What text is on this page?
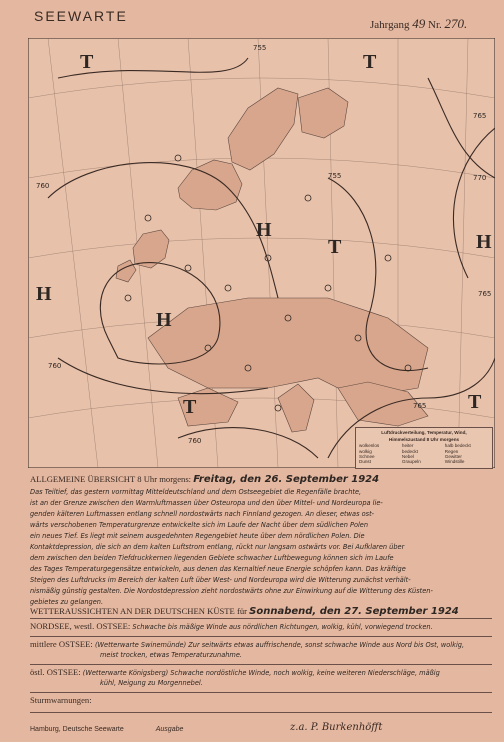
SEEWARTE
Jahrgang 49 Nr. 270.
755
760
765
770
765
760
765
760
755
H
H
H
H
T
T
T
T	T
Luftdruckverteilung, Temperatur, Wind,
Himmelszustand 8 Uhr morgens
wolkenlos	heiter	halb bedeckt
wolkig	bedeckt	Regen
Schnee	Nebel	Gewitter
Dunst	Graupeln	Windstille
ALLGEMEINE ÜBERSICHT 8 Uhr morgens: Freitag, den 26. September 1924
Das Teiltief, das gestern vormittag Mitteldeutschland und dem Ostseegebiet die Regenfälle brachte,
ist an der Grenze zwischen den Warmluftmassen über Osteuropa und den über Mittel- und Nordeuropa lie-
genden kälteren Luftmassen entlang schnell nordostwärts nach Finnland gezogen. An dieser, etwas ost-
wärts verschobenen Temperaturgrenze entwickelte sich im Laufe der Nacht über dem südlichen Polen
ein neues Tief. Es liegt mit seinem ausgedehnten Regengebiet heute über dem nördlichen Polen. Die
Kontaktdepression, die sich an dem kalten Luftstrom entlang, rückt nur langsam ostwärts vor. Bei Aufklaren über
dem zwischen den beiden Tiefdruckkernen liegenden Gebiete schwacher Luftbewegung können sich im Laufe
des Tages Temperaturgegensätze entwickeln, aus denen das Kernaltief neue Energie schöpfen kann. Das kräftige
Steigen des Luftdrucks im Bereich der kalten Luft über West- und Nordeuropa wird die Witterung zunächst verhält-
nismäßig günstig gestalten. Die Nordostdepression zieht nordostwärts ohne zur Einwirkung auf die Witterung des Küsten-
gebietes zu gelangen.
WETTERAUSSICHTEN AN DER DEUTSCHEN KÜSTE für Sonnabend, den 27. September 1924
NORDSEE, westl. OSTSEE: Schwache bis mäßige Winde aus nördlichen Richtungen, wolkig, kühl, vorwiegend trocken.
mittlere OSTSEE: (Wetterwarte Swinemünde) Zur seitwärts etwas auffrischende, sonst schwache Winde aus Nord bis Ost, wolkig,
meist trocken, etwas Temperaturzunahme.
östl. OSTSEE: (Wetterwarte Königsberg) Schwache nordöstliche Winde, noch wolkig, keine weiteren Niederschläge, mäßig
kühl, Neigung zu Morgennebel.
Sturmwarnungen:
Hamburg, Deutsche Seewarte	Ausgabe	z.a. P. Burkenhöfft
